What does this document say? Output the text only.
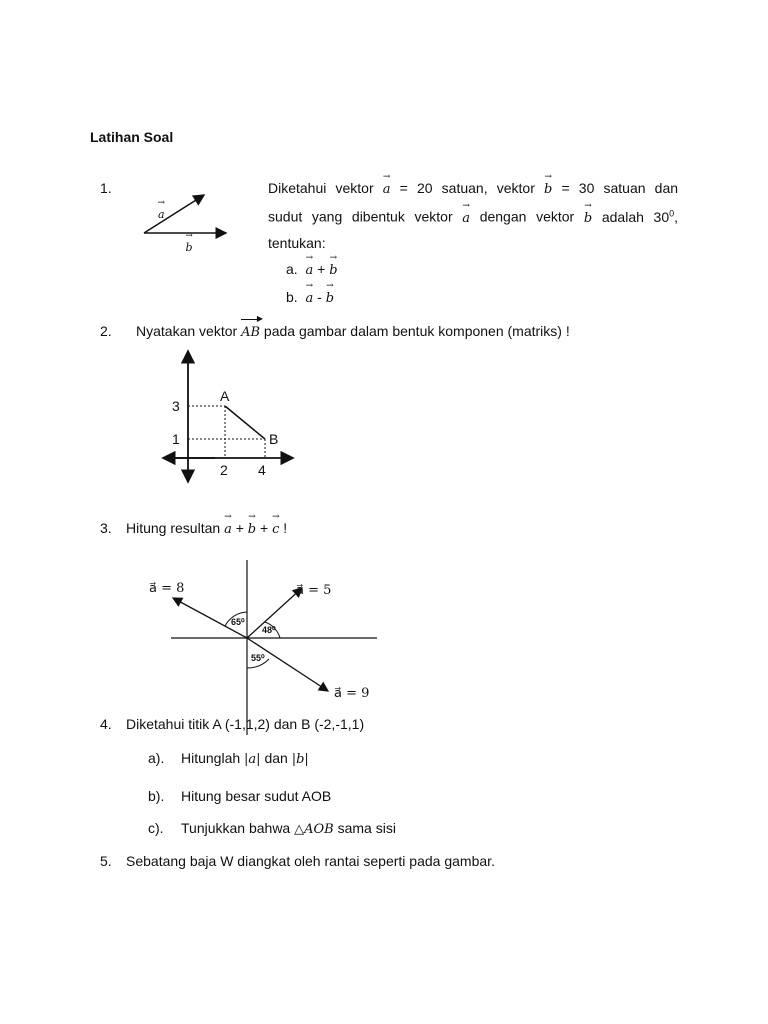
Latihan Soal
1.
a → b →
Diketahui vektor a → = 20 satuan, vektor b → = 30 satuan dan
sudut yang dibentuk vektor a → dengan vektor b → adalah $30^0$,
tentukan:
a. a → + b →
b. a → - b →
2. Nyatakan vektor
▶
AB pada gambar dalam bentuk komponen (matriks) !
A
B
3
1
2 4
3. Hitung resultan a → + b → + c → !
a⃗ = 8	a⃗ = 5
a⃗ = 9
65⁰
48⁰
55⁰
4. Diketahui titik A (-1,1,2) dan B (-2,-1,1)
a). Hitunglah |a| dan |b|
b). Hitung besar sudut AOB
c). Tunjukkan bahwa △AOB sama sisi
5. Sebatang baja W diangkat oleh rantai seperti pada gambar.
